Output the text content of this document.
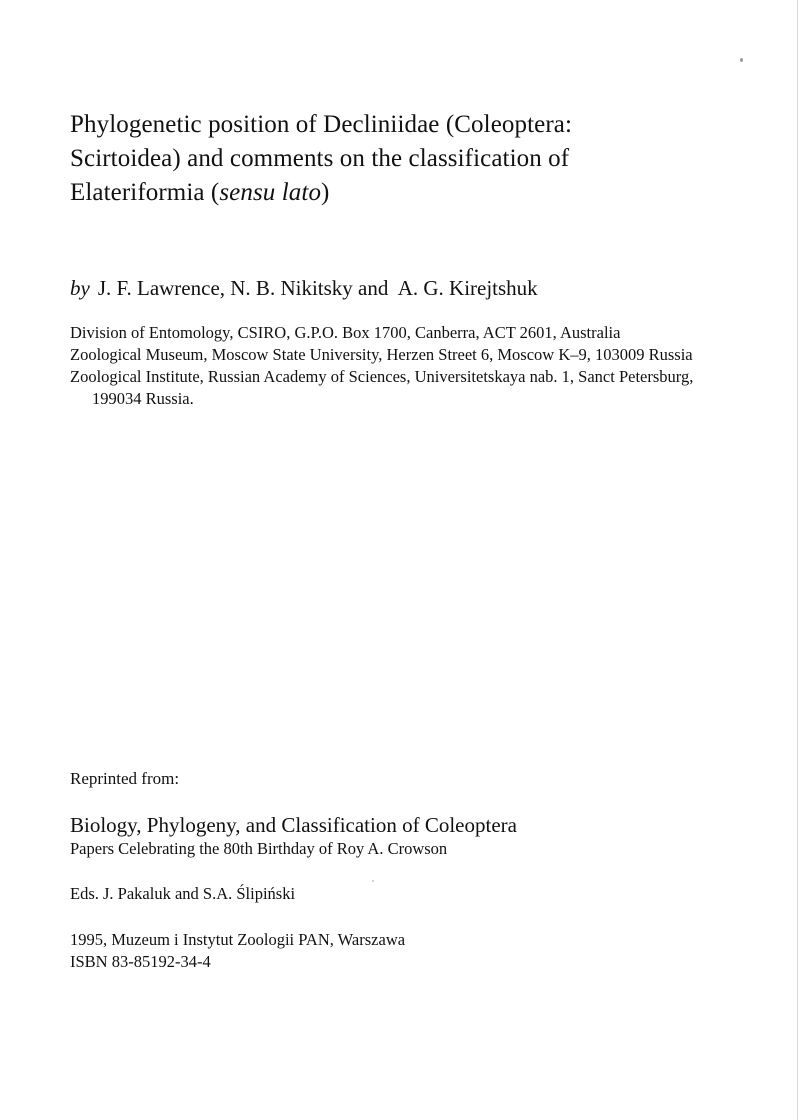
Phylogenetic position of Decliniidae (Coleoptera:
Scirtoidea) and comments on the classification of
Elateriformia (sensu lato)
by J. F. Lawrence, N. B. Nikitsky and  A. G. Kirejtshuk

Division of Entomology, CSIRO, G.P.O. Box 1700, Canberra, ACT 2601, Australia

Zoological Museum, Moscow State University, Herzen Street 6, Moscow K–9, 103009 Russia

Zoological Institute, Russian Academy of Sciences, Universitetskaya nab. 1, Sanct Petersburg, 199034 Russia.

Reprinted from:
Biology, Phylogeny, and Classification of Coleoptera
Papers Celebrating the 80th Birthday of Roy A. Crowson
Eds. J. Pakaluk and S.A. Ślipiński
1995, Muzeum i Instytut Zoologii PAN, Warszawa
ISBN 83-85192-34-4
